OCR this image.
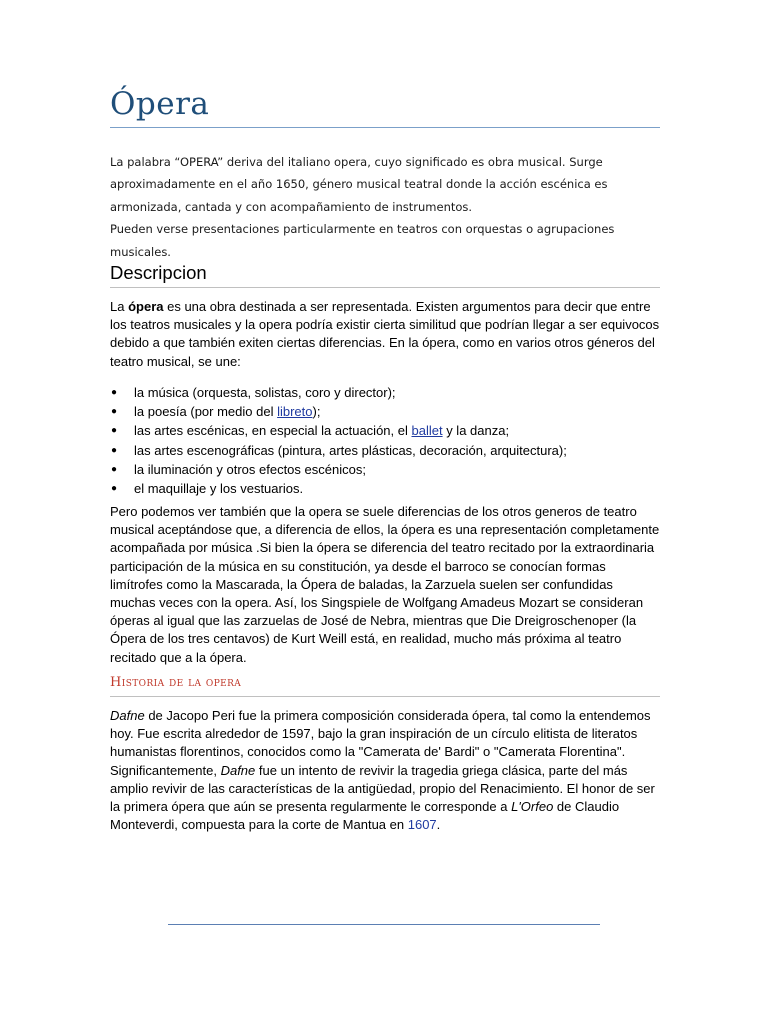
Ópera

La palabra “OPERA” deriva del italiano opera, cuyo significado es obra musical. Surge aproximadamente en el año 1650, género musical teatral donde la acción escénica es armonizada, cantada y con acompañamiento de instrumentos.

Pueden verse presentaciones particularmente en teatros con orquestas o agrupaciones musicales.

Descripcion

La ópera es una obra destinada a ser representada. Existen argumentos para decir que entre los teatros musicales y la opera podría existir cierta similitud que podrían llegar a ser equivocos debido a que también exiten ciertas diferencias. En la ópera, como en varios otros géneros del teatro musical, se une:

● la música (orquesta, solistas, coro y director);
● la poesía (por medio del libreto);
● las artes escénicas, en especial la actuación, el ballet y la danza;
● las artes escenográficas (pintura, artes plásticas, decoración, arquitectura);
● la iluminación y otros efectos escénicos;
● el maquillaje y los vestuarios.

Pero podemos ver también que la opera se suele diferencias de los otros generos de teatro musical aceptándose que, a diferencia de ellos, la ópera es una representación completamente acompañada por música .Si bien la ópera se diferencia del teatro recitado por la extraordinaria participación de la música en su constitución, ya desde el barroco se conocían formas limítrofes como la Mascarada, la Ópera de baladas, la Zarzuela suelen ser confundidas muchas veces con la opera. Así, los Singspiele de Wolfgang Amadeus Mozart se consideran óperas al igual que las zarzuelas de José de Nebra, mientras que Die Dreigroschenoper (la Ópera de los tres centavos) de Kurt Weill está, en realidad, mucho más próxima al teatro recitado que a la ópera.

Historia de la opera

Dafne de Jacopo Peri fue la primera composición considerada ópera, tal como la entendemos hoy. Fue escrita alrededor de 1597, bajo la gran inspiración de un círculo elitista de literatos humanistas florentinos, conocidos como la "Camerata de' Bardi" o "Camerata Florentina". Significantemente, Dafne fue un intento de revivir la tragedia griega clásica, parte del más amplio revivir de las características de la antigüedad, propio del Renacimiento. El honor de ser la primera ópera que aún se presenta regularmente le corresponde a L'Orfeo de Claudio Monteverdi, compuesta para la corte de Mantua en 1607.
